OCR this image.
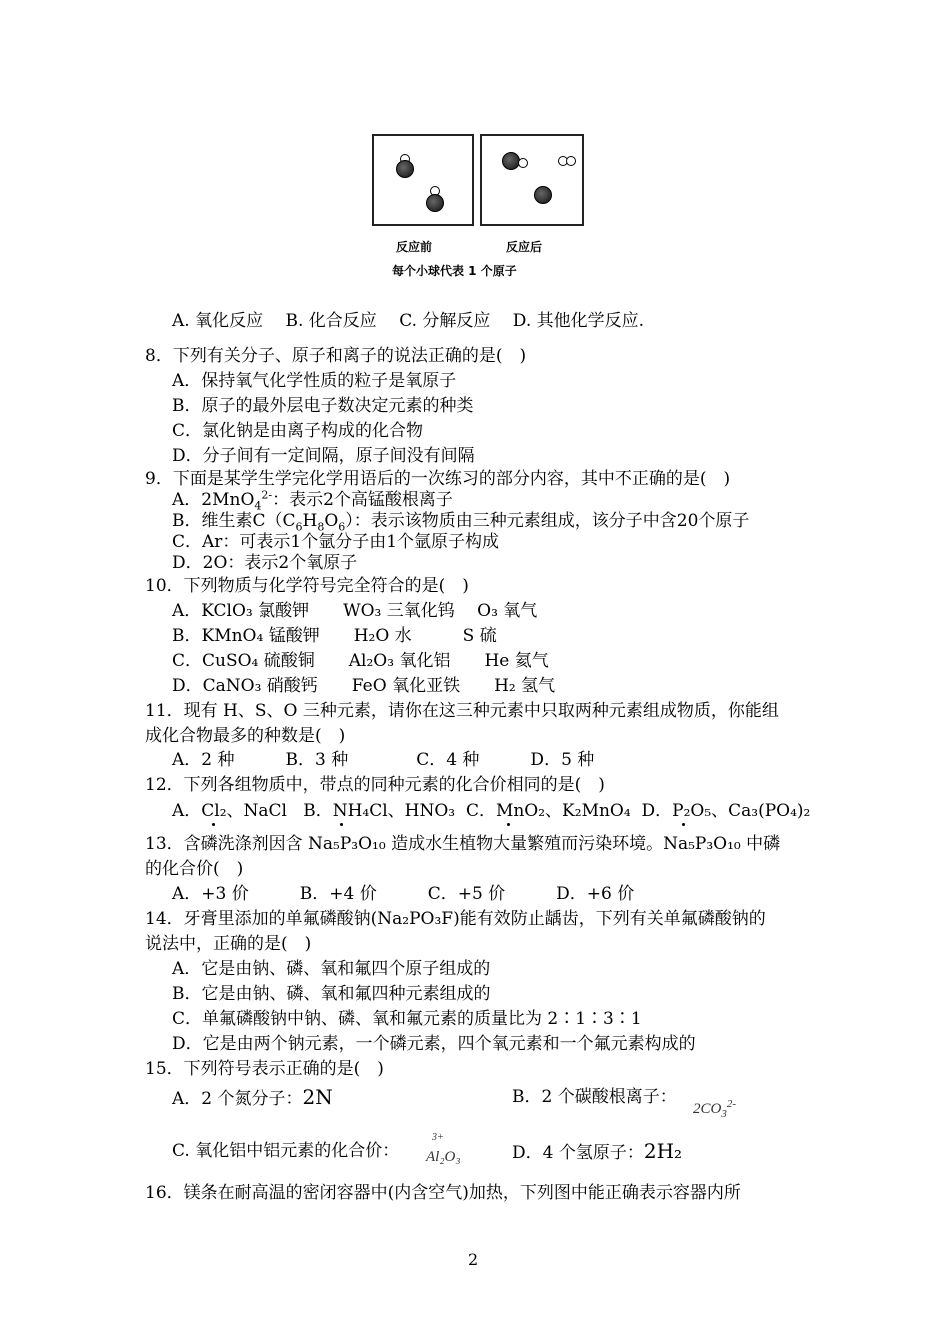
反应前	反应后
每个小球代表 1 个原子
A. 氧化反应　 B. 化合反应　 C. 分解反应　 D. 其他化学反应.
8．下列有关分子、原子和离子的说法正确的是(　)
A．保持氧气化学性质的粒子是氧原子
B．原子的最外层电子数决定元素的种类
C．氯化钠是由离子构成的化合物
D．分子间有一定间隔，原子间没有间隔
9．下面是某学生学完化学用语后的一次练习的部分内容，其中不正确的是(　)
A．2MnO$_4^{2-}$：表示2个高锰酸根离子
B．维生素$C(C_6H_8O_6)$：表示该物质由三种元素组成，该分子中含20个原子
C．Ar：可表示1个氩分子由1个氩原子构成
D．2O：表示2个氧原子
10．下列物质与化学符号完全符合的是(　)
A．KClO₃ 氯酸钾　　WO₃ 三氧化钨　 O₃ 氧气
B．KMnO₄ 锰酸钾　　H₂O 水　　　S 硫
C．CuSO₄ 硫酸铜　　Al₂O₃ 氧化铝　　He 氦气
D．CaNO₃ 硝酸钙　　FeO 氧化亚铁　　H₂ 氢气
11．现有 H、S、O 三种元素，请你在这三种元素中只取两种元素组成物质，你能组
成化合物最多的种数是(　)
A．2 种　　　B．3 种　　　　C．4 种　　　D．5 种
12．下列各组物质中，带点的同种元素的化合价相同的是(　)
A．Cl₂、NaCl B．NH₄Cl、HNO₃ C．MnO₂、K₂MnO₄ D．P₂O₅、Ca₃(PO₄)₂
13．含磷洗涤剂因含 Na₅P₃O₁₀ 造成水生植物大量繁殖而污染环境。Na₅P₃O₁₀ 中磷
的化合价(　)
A．+3 价　　　B．+4 价　　　C．+5 价　　　D．+6 价
14．牙膏里添加的单氟磷酸钠(Na₂PO₃F)能有效防止龋齿，下列有关单氟磷酸钠的
说法中，正确的是(　)
A．它是由钠、磷、氧和氟四个原子组成的
B．它是由钠、磷、氧和氟四种元素组成的
C．单氟磷酸钠中钠、磷、氧和氟元素的质量比为 2∶1∶3∶1
D．它是由两个钠元素，一个磷元素，四个氧元素和一个氟元素构成的
15．下列符号表示正确的是(　)
A．2 个氮分子：2N	B．2 个碳酸根离子：
$2CO_3^{2-}$
C. 氧化铝中铝元素的化合价：
3+
Al₂O₃	D．4 个氢原子：2H₂
16．镁条在耐高温的密闭容器中(内含空气)加热，下列图中能正确表示容器内所
2
